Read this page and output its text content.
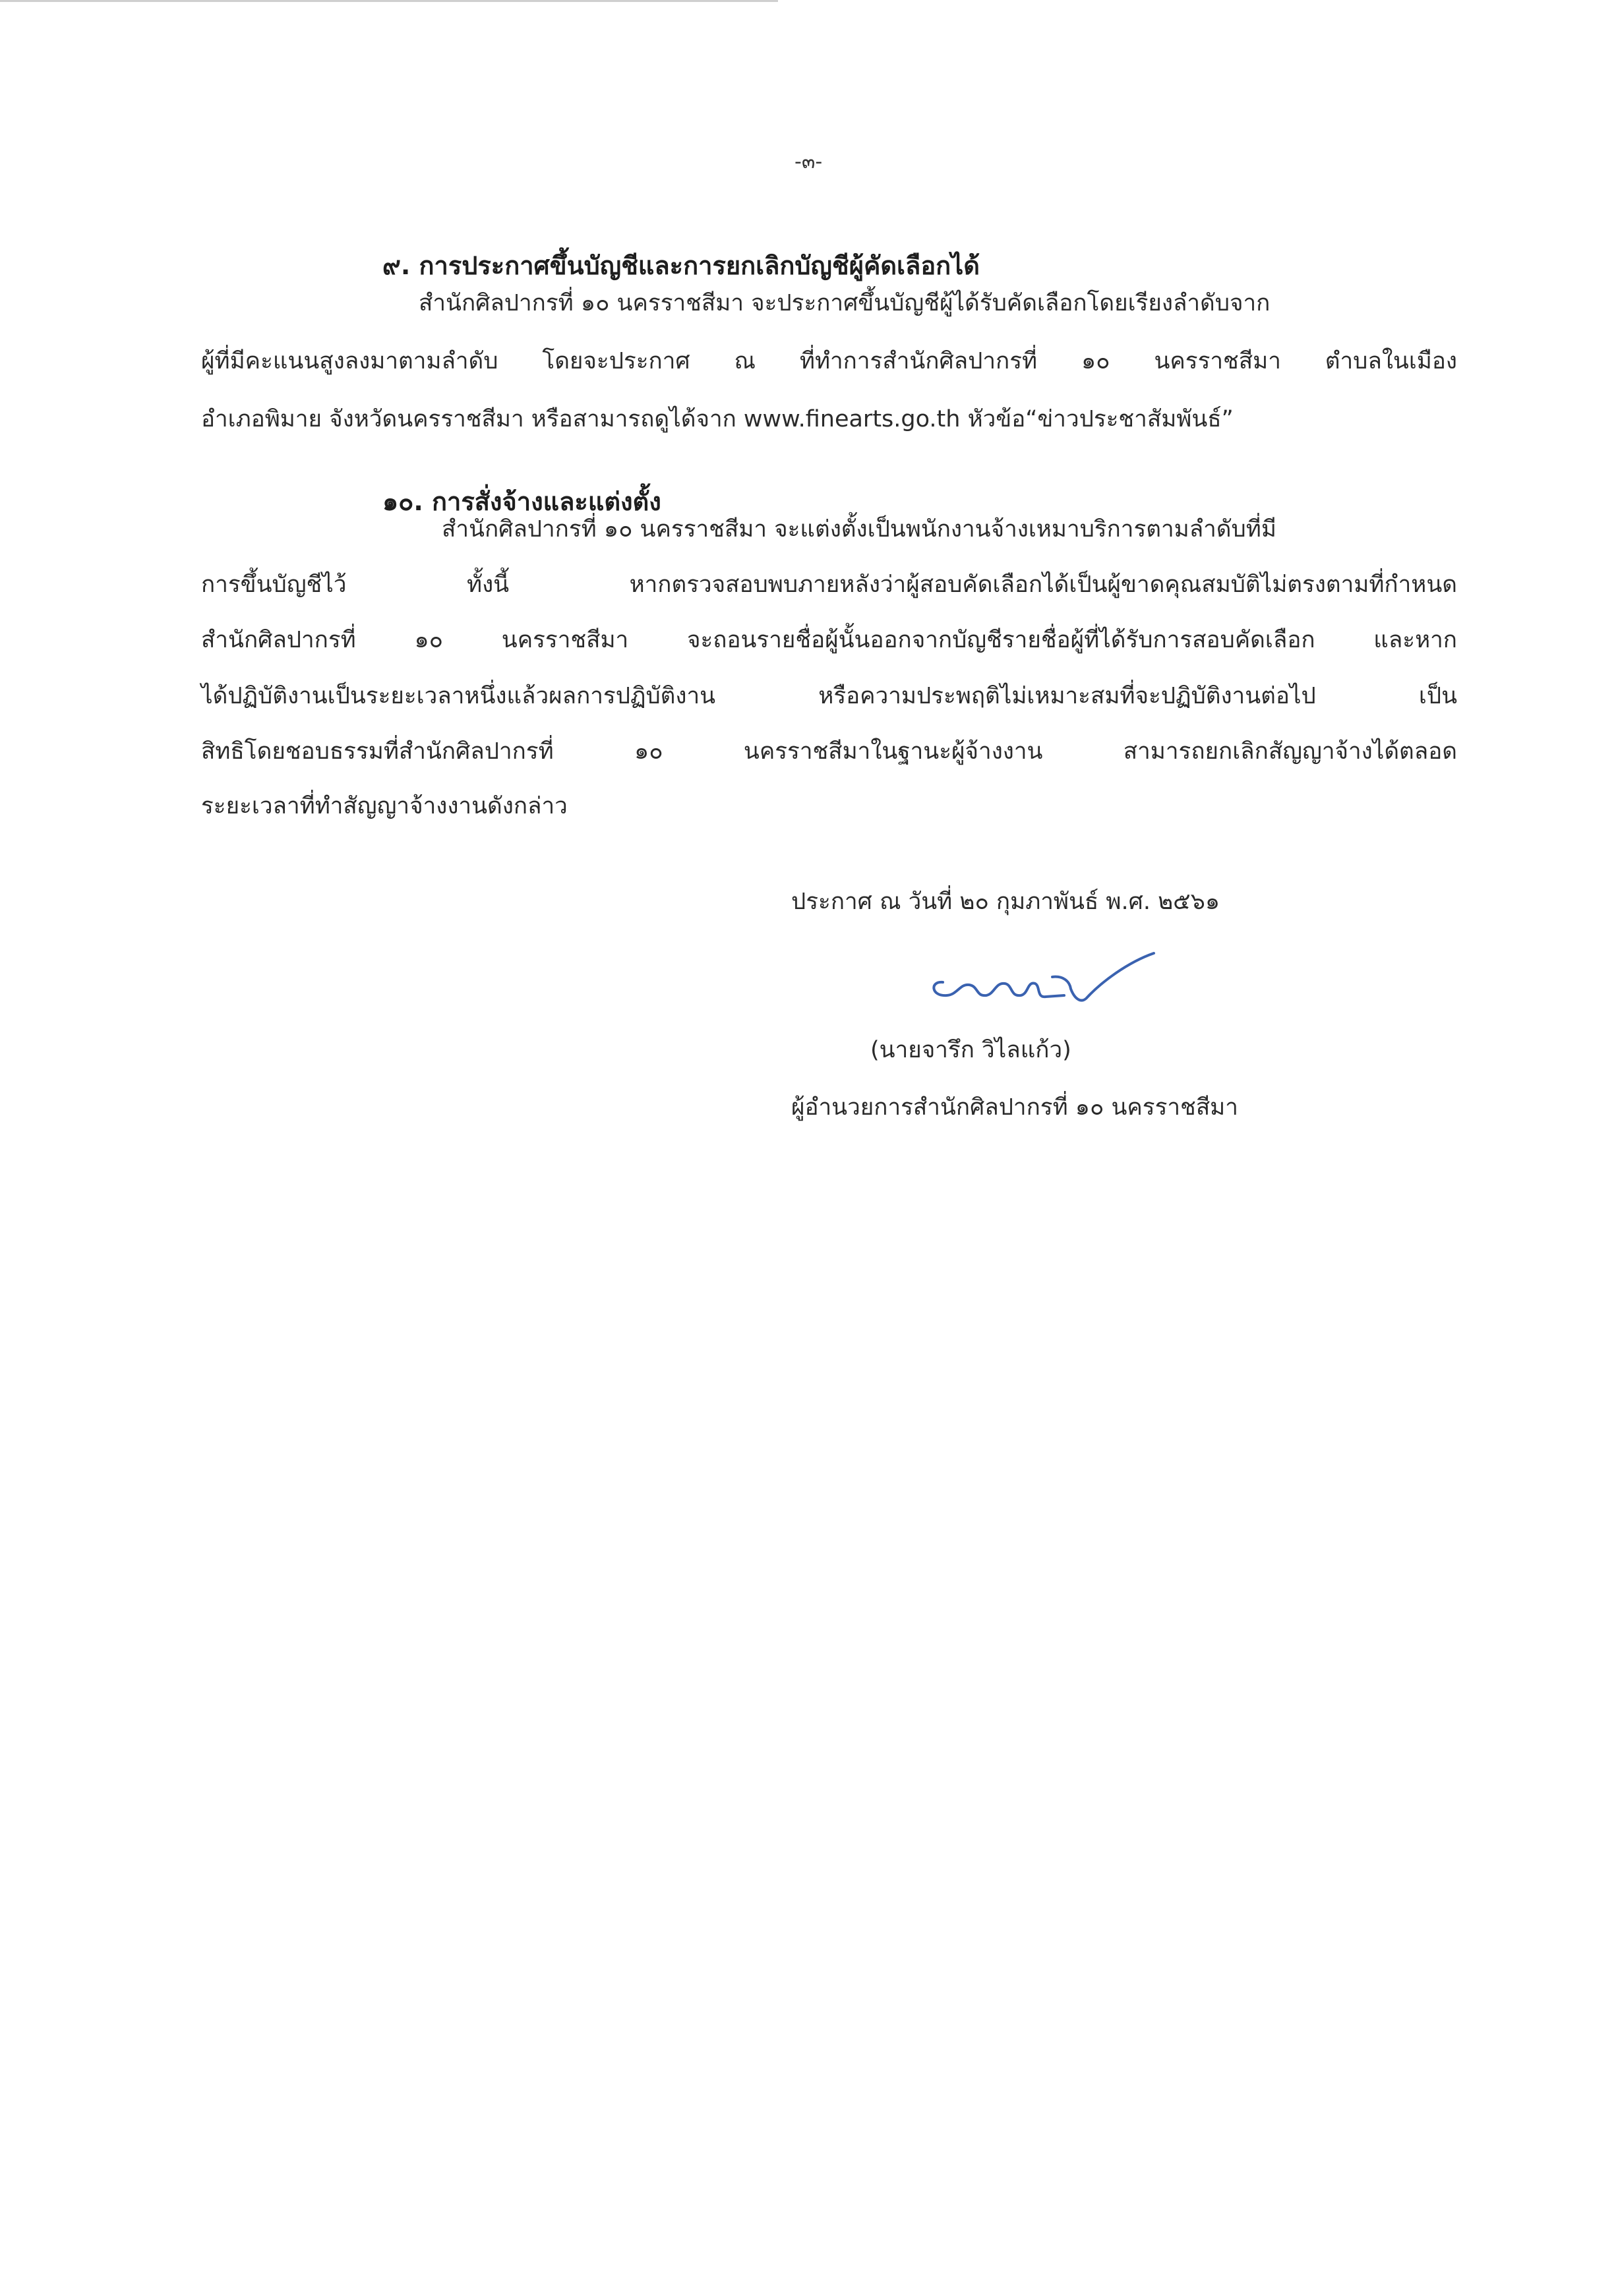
-๓-
๙. การประกาศขึ้นบัญชีและการยกเลิกบัญชีผู้คัดเลือกได้
สำนักศิลปากรที่ ๑๐ นครราชสีมา จะประกาศขึ้นบัญชีผู้ได้รับคัดเลือกโดยเรียงลำดับจาก
ผู้ที่มีคะแนนสูงลงมาตามลำดับ โดยจะประกาศ ณ ที่ทำการสำนักศิลปากรที่ ๑๐ นครราชสีมา ตำบลในเมือง
อำเภอพิมาย จังหวัดนครราชสีมา หรือสามารถดูได้จาก www.finearts.go.th หัวข้อ“ข่าวประชาสัมพันธ์”
๑๐. การสั่งจ้างและแต่งตั้ง
สำนักศิลปากรที่ ๑๐ นครราชสีมา จะแต่งตั้งเป็นพนักงานจ้างเหมาบริการตามลำดับที่มี
การขึ้นบัญชีไว้ ทั้งนี้ หากตรวจสอบพบภายหลังว่าผู้สอบคัดเลือกได้เป็นผู้ขาดคุณสมบัติไม่ตรงตามที่กำหนด
สำนักศิลปากรที่ ๑๐ นครราชสีมา จะถอนรายชื่อผู้นั้นออกจากบัญชีรายชื่อผู้ที่ได้รับการสอบคัดเลือก และหาก
ได้ปฏิบัติงานเป็นระยะเวลาหนึ่งแล้วผลการปฏิบัติงาน หรือความประพฤติไม่เหมาะสมที่จะปฏิบัติงานต่อไป เป็น
สิทธิโดยชอบธรรมที่สำนักศิลปากรที่ ๑๐ นครราชสีมาในฐานะผู้จ้างงาน สามารถยกเลิกสัญญาจ้างได้ตลอด
ระยะเวลาที่ทำสัญญาจ้างงานดังกล่าว
ประกาศ ณ วันที่ ๒๐ กุมภาพันธ์ พ.ศ. ๒๕๖๑
(นายจารึก วิไลแก้ว)
ผู้อำนวยการสำนักศิลปากรที่ ๑๐ นครราชสีมา
